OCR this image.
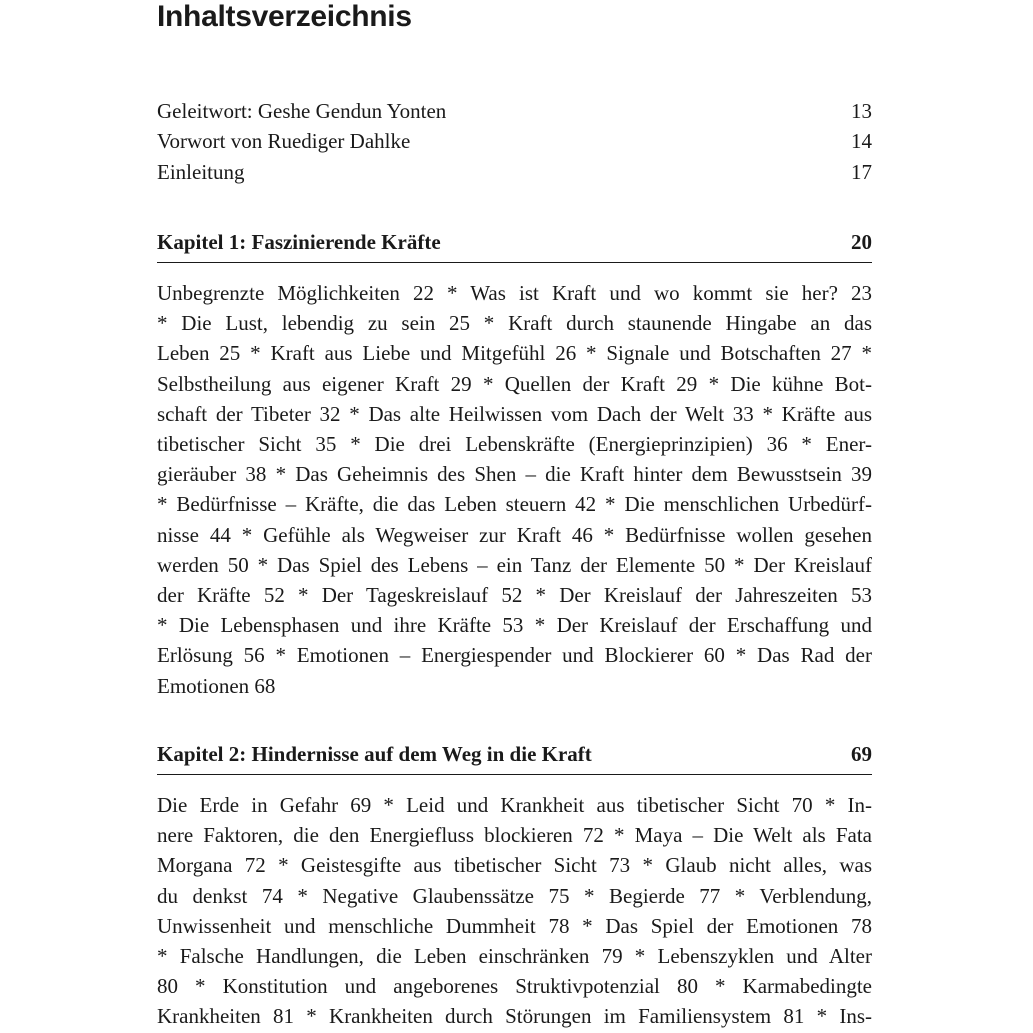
Inhaltsverzeichnis
Geleitwort: Geshe Gendun Yonten	13
Vorwort von Ruediger Dahlke	14
Einleitung	17
Kapitel 1: Faszinierende Kräfte	20
Unbegrenzte Möglichkeiten 22 * Was ist Kraft und wo kommt sie her? 23
* Die Lust, lebendig zu sein 25 * Kraft durch staunende Hingabe an das
Leben 25 * Kraft aus Liebe und Mitgefühl 26 * Signale und Botschaften 27 *
Selbstheilung aus eigener Kraft 29 * Quellen der Kraft 29 * Die kühne Bot-
schaft der Tibeter 32 * Das alte Heilwissen vom Dach der Welt 33 * Kräfte aus
tibetischer Sicht 35 * Die drei Lebenskräfte (Energieprinzipien) 36 * Ener-
gieräuber 38 * Das Geheimnis des Shen – die Kraft hinter dem Bewusstsein 39
* Bedürfnisse – Kräfte, die das Leben steuern 42 * Die menschlichen Urbedürf-
nisse 44 * Gefühle als Wegweiser zur Kraft 46 * Bedürfnisse wollen gesehen
werden 50 * Das Spiel des Lebens – ein Tanz der Elemente 50 * Der Kreislauf
der Kräfte 52 * Der Tageskreislauf 52 * Der Kreislauf der Jahreszeiten 53
* Die Lebensphasen und ihre Kräfte 53 * Der Kreislauf der Erschaffung und
Erlösung 56 * Emotionen – Energiespender und Blockierer 60 * Das Rad der
Emotionen 68
Kapitel 2: Hindernisse auf dem Weg in die Kraft	69
Die Erde in Gefahr 69 * Leid und Krankheit aus tibetischer Sicht 70 * In-
nere Faktoren, die den Energiefluss blockieren 72 * Maya – Die Welt als Fata
Morgana 72 * Geistesgifte aus tibetischer Sicht 73 * Glaub nicht alles, was
du denkst 74 * Negative Glaubenssätze 75 * Begierde 77 * Verblendung,
Unwissenheit und menschliche Dummheit 78 * Das Spiel der Emotionen 78
* Falsche Handlungen, die Leben einschränken 79 * Lebenszyklen und Alter
80 * Konstitution und angeborenes Struktivpotenzial 80 * Karmabedingte
Krankheiten 81 * Krankheiten durch Störungen im Familiensystem 81 * Ins-
